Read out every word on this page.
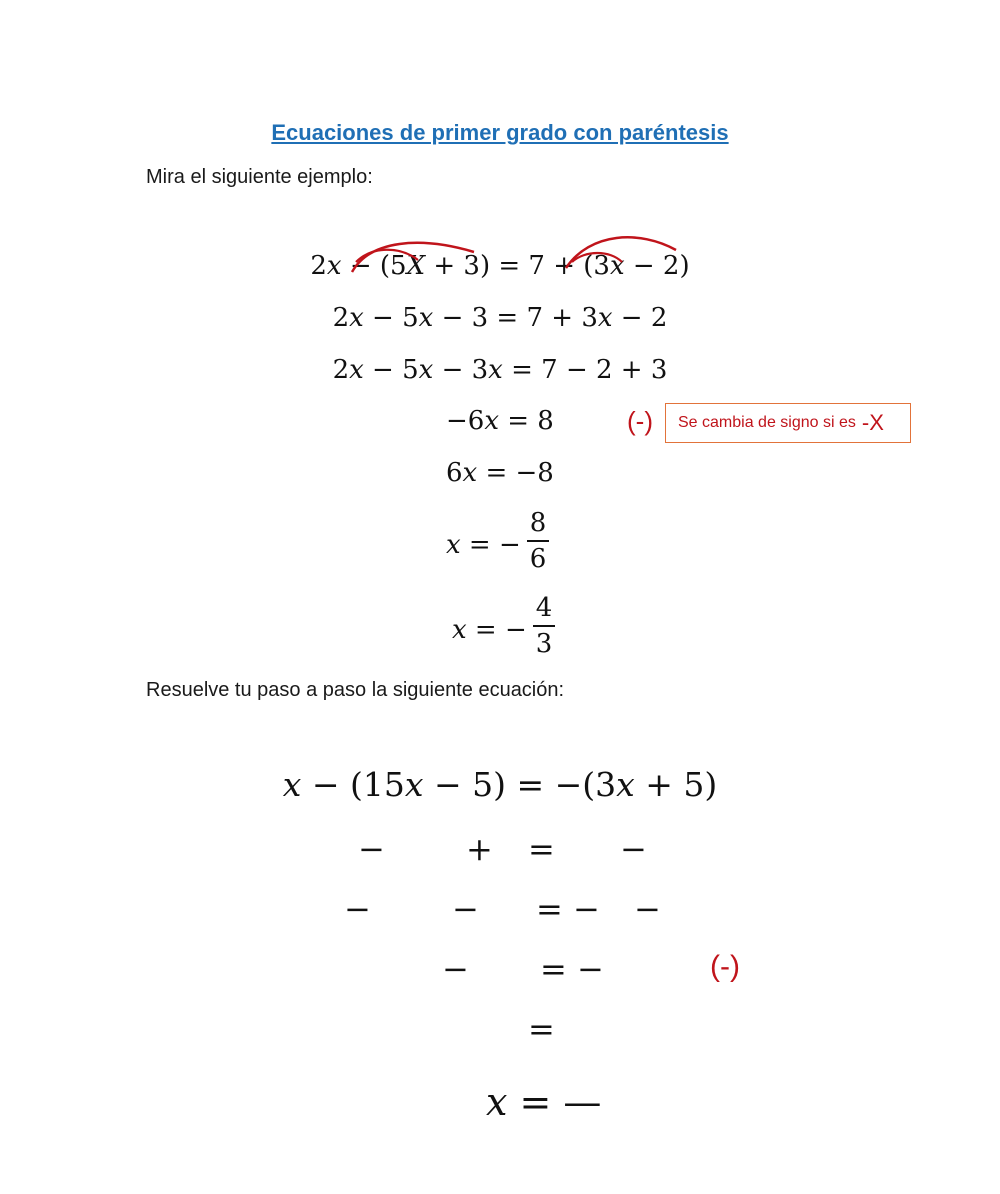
Ecuaciones de primer grado con paréntesis
Mira el siguiente ejemplo:
2𝑥 − (5𝑋 + 3) = 7 + (3𝑥 − 2)
2𝑥 − 5𝑥 − 3 = 7 + 3𝑥 − 2
2𝑥 − 5𝑥 − 3𝑥 = 7 − 2 + 3
−6𝑥 = 8	(-) Se cambia de signo si es -X
6𝑥 = −8
𝑥 = −
8
6
𝑥 = −
4
3
Resuelve tu paso a paso la siguiente ecuación:
𝑥 − (15𝑥 − 5) = −(3𝑥 + 5)
−	+ = −
−	− = − −
− = −	(-)
=
𝑥 = —
